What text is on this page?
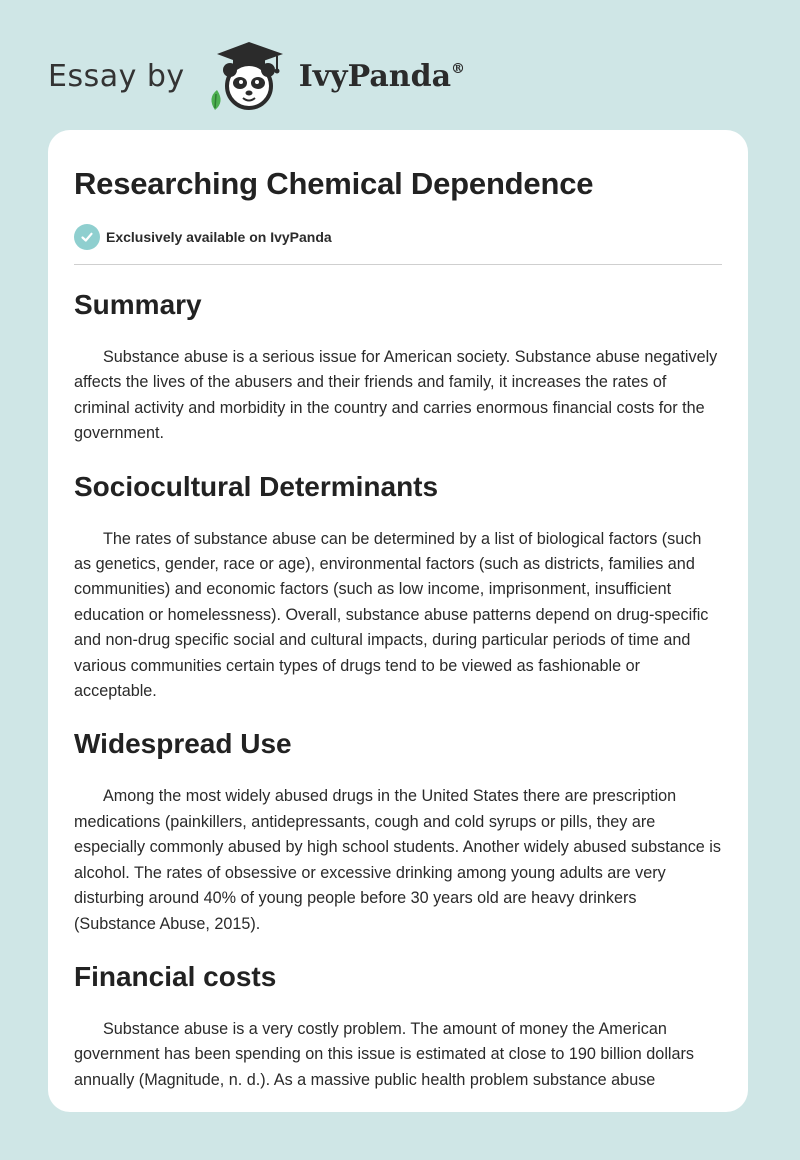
Essay by	IvyPanda®
Researching Chemical Dependence
Exclusively available on IvyPanda
Summary

Substance abuse is a serious issue for American society. Substance abuse negatively affects the lives of the abusers and their friends and family, it increases the rates of criminal activity and morbidity in the country and carries enormous financial costs for the government.

Sociocultural Determinants

The rates of substance abuse can be determined by a list of biological factors (such as genetics, gender, race or age), environmental factors (such as districts, families and communities) and economic factors (such as low income, imprisonment, insufficient education or homelessness). Overall, substance abuse patterns depend on drug-specific and non-drug specific social and cultural impacts, during particular periods of time and various communities certain types of drugs tend to be viewed as fashionable or acceptable.

Widespread Use

Among the most widely abused drugs in the United States there are prescription medications (painkillers, antidepressants, cough and cold syrups or pills, they are especially commonly abused by high school students. Another widely abused substance is alcohol. The rates of obsessive or excessive drinking among young adults are very disturbing around 40% of young people before 30 years old are heavy drinkers (Substance Abuse, 2015).

Financial costs

Substance abuse is a very costly problem. The amount of money the American government has been spending on this issue is estimated at close to 190 billion dollars annually (Magnitude, n. d.). As a massive public health problem substance abuse
